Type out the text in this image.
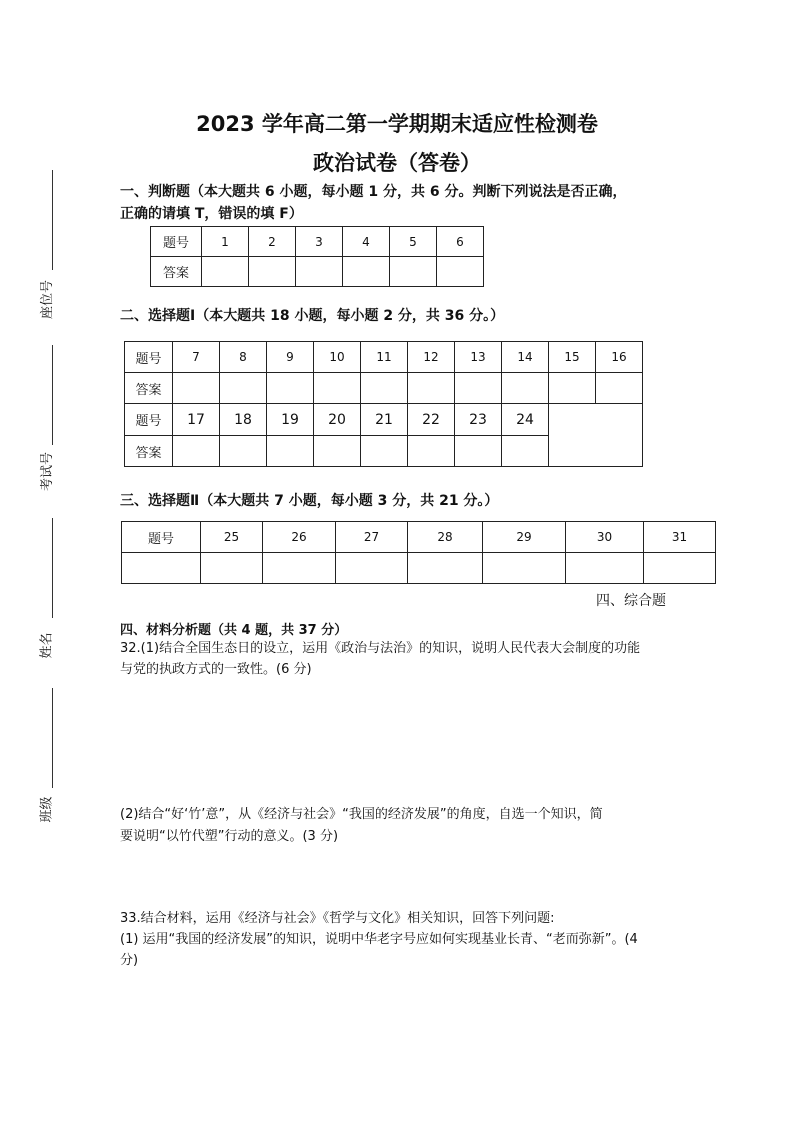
座位号
考试号
姓名
班级
2023 学年高二第一学期期末适应性检测卷
政治试卷（答卷）
一、判断题（本大题共 6 小题，每小题 1 分，共 6 分。判断下列说法是否正确，
正确的请填 T，错误的填 F）
题号	1	2	3	4	5	6
答案						
二、选择题Ⅰ（本大题共 18 小题，每小题 2 分，共 36 分。）
题号	7	8	9	10	11	12	13	14	15	16
答案										
题号	17	18	19	20	21	22	23	24		
答案										
三、选择题Ⅱ（本大题共 7 小题，每小题 3 分，共 21 分。）
题号	25	26	27	28	29	30	31

四、综合题
四、材料分析题（共 4 题，共 37 分）
32.(1)结合全国生态日的设立，运用《政治与法治》的知识，说明人民代表大会制度的功能
与党的执政方式的一致性。(6 分)
(2)结合“好‘竹’意”，从《经济与社会》“我国的经济发展”的角度，自选一个知识，简
要说明“以竹代塑”行动的意义。(3 分)
33.结合材料，运用《经济与社会》《哲学与文化》相关知识，回答下列问题:
(1) 运用“我国的经济发展”的知识，说明中华老字号应如何实现基业长青、“老而弥新”。(4
分)
